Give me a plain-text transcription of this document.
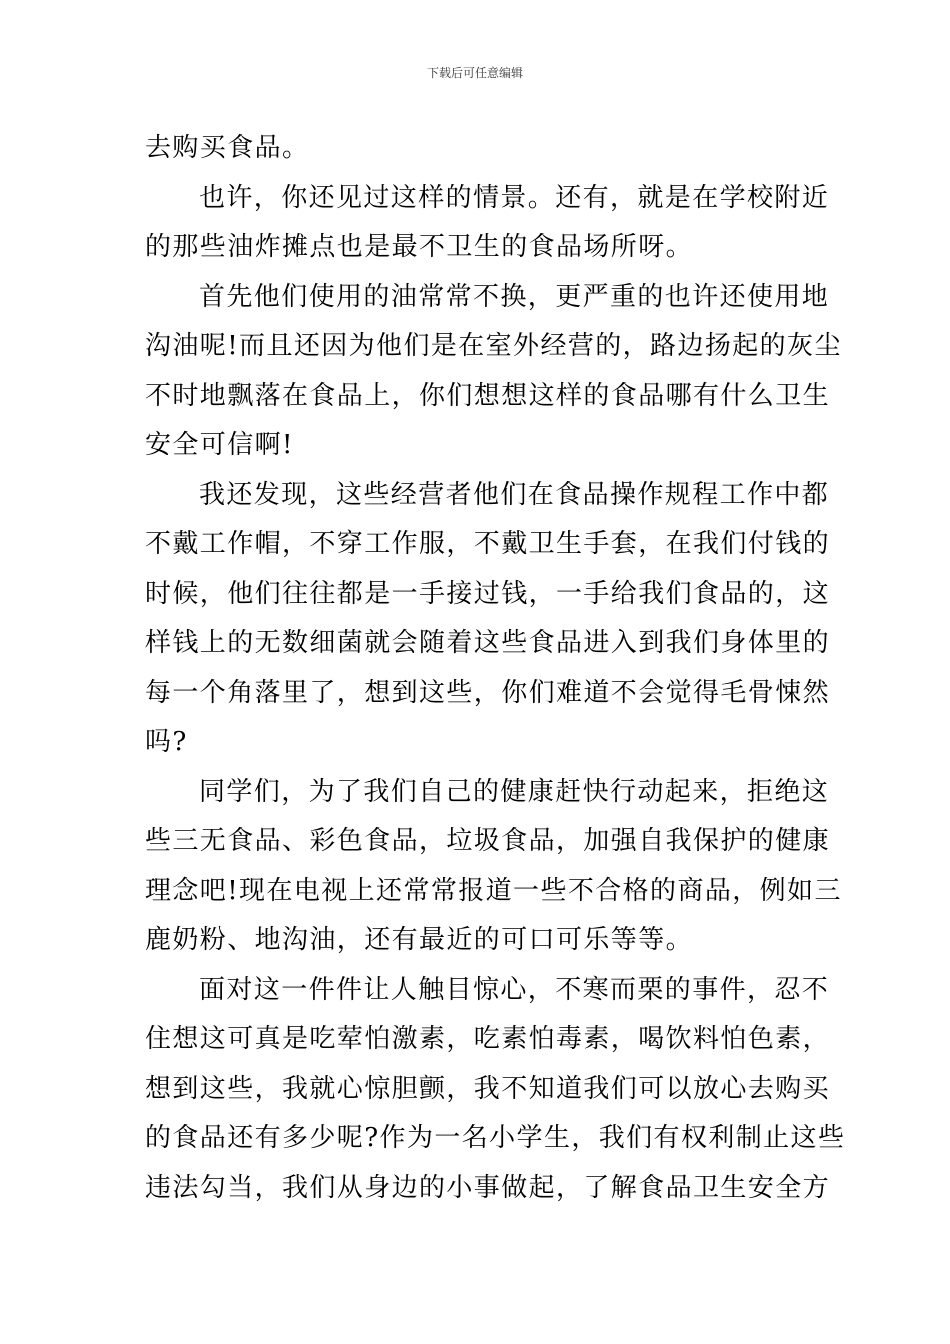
下载后可任意编辑
去购买食品。
也许，你还见过这样的情景。还有，就是在学校附近
的那些油炸摊点也是最不卫生的食品场所呀。
首先他们使用的油常常不换，更严重的也许还使用地
沟油呢!而且还因为他们是在室外经营的，路边扬起的灰尘
不时地飘落在食品上，你们想想这样的食品哪有什么卫生
安全可信啊!
我还发现，这些经营者他们在食品操作规程工作中都
不戴工作帽，不穿工作服，不戴卫生手套，在我们付钱的
时候，他们往往都是一手接过钱，一手给我们食品的，这
样钱上的无数细菌就会随着这些食品进入到我们身体里的
每一个角落里了，想到这些，你们难道不会觉得毛骨悚然
吗?
同学们，为了我们自己的健康赶快行动起来，拒绝这
些三无食品、彩色食品，垃圾食品，加强自我保护的健康
理念吧!现在电视上还常常报道一些不合格的商品，例如三
鹿奶粉、地沟油，还有最近的可口可乐等等。
面对这一件件让人触目惊心，不寒而栗的事件，忍不
住想这可真是吃荤怕激素，吃素怕毒素，喝饮料怕色素，
想到这些，我就心惊胆颤，我不知道我们可以放心去购买
的食品还有多少呢?作为一名小学生，我们有权利制止这些
违法勾当，我们从身边的小事做起，了解食品卫生安全方
